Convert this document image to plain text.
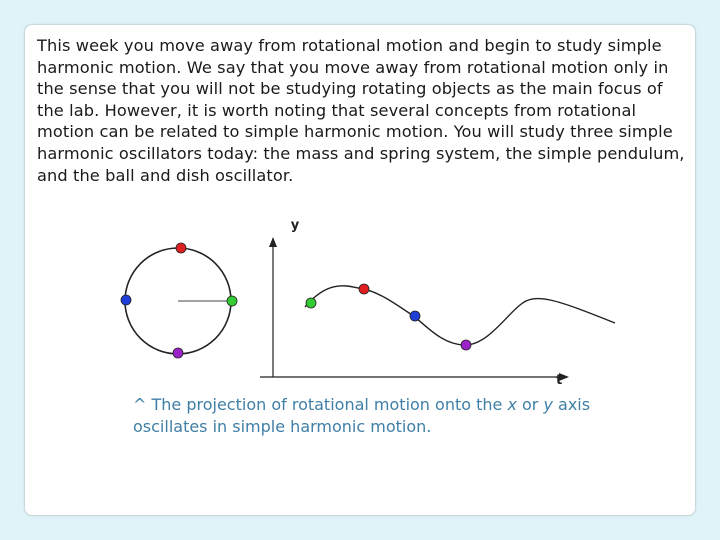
This week you move away from rotational motion and begin to study simple harmonic motion. We say that you move away from rotational motion only in the sense that you will not be studying rotating objects as the main focus of the lab. However, it is worth noting that several concepts from rotational motion can be related to simple harmonic motion. You will study three simple harmonic oscillators today: the mass and spring system, the simple pendulum, and the ball and dish oscillator.

y
t

^ The projection of rotational motion onto the x or y axis oscillates in simple harmonic motion.
